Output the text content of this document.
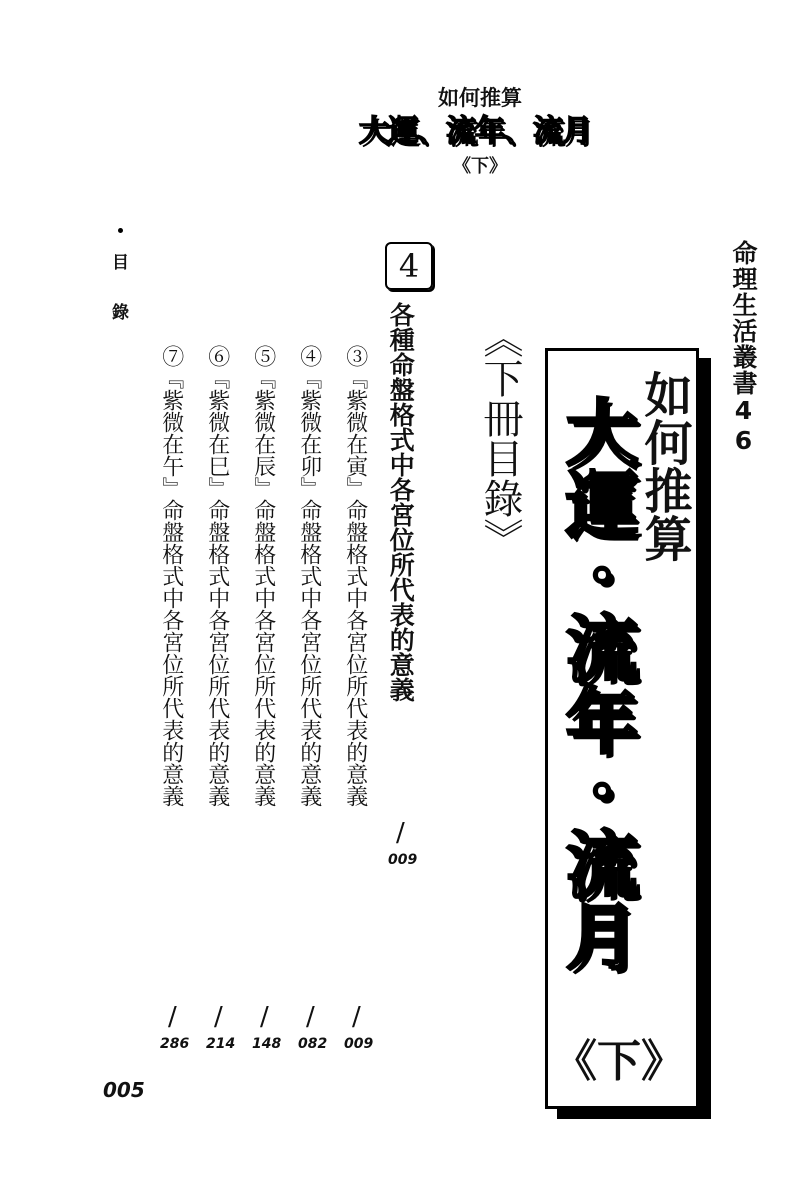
如何推算
大運、流年、流月
《下》
命理生活叢書46
如何推算
大運・流年・流月
《下》
《下冊目錄》
4
各種命盤格式中各宮位所代表的意義
/
009
③『紫微在寅』命盤格式中各宮位所代表的意義
④『紫微在卯』命盤格式中各宮位所代表的意義
⑤『紫微在辰』命盤格式中各宮位所代表的意義
⑥『紫微在巳』命盤格式中各宮位所代表的意義
⑦『紫微在午』命盤格式中各宮位所代表的意義
/
009
/
082
/
148
/
214
/
286
目
錄
005
